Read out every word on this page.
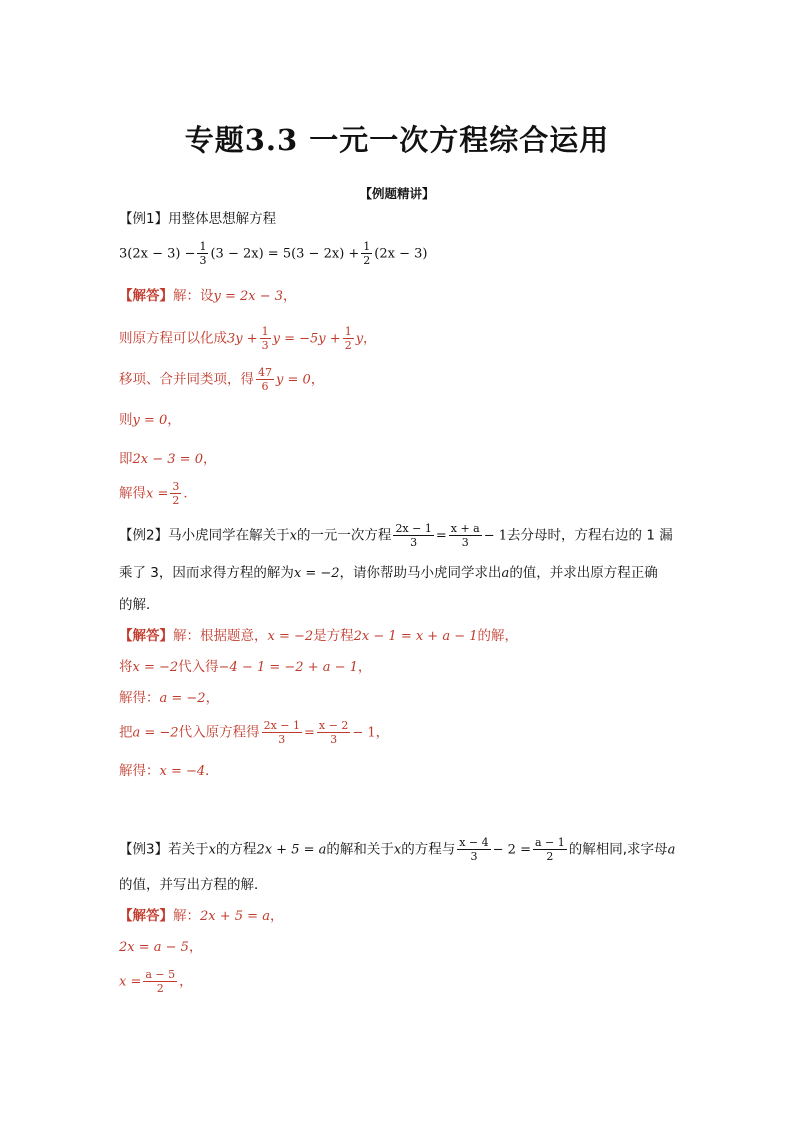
专题3.3 一元一次方程综合运用
【例题精讲】
【例1】用整体思想解方程
$3(2x - 3) - \frac{1}{3} (3 - 2x) = 5(3 - 2x) + \frac{1}{2} (2x - 3)$
【解答】解：设y = 2x − 3，
则原方程可以化成$3y + \frac{1}{3}$ $y = -5y + \frac{1}{2}$ y，
移项、合并同类项，得 $\frac{47}{6}$ y = 0，
则y = 0，
即2x − 3 = 0，
解得$x = \frac{3}{2}$ ．
【例2】马小虎同学在解关于x的一元一次方程 $\frac{2x - 1}{3} = \frac{x + a}{3} - 1$去分母时，方程右边的 1 漏
乘了 3，因而求得方程的解为x = −2，请你帮助马小虎同学求出a的值，并求出原方程正确
的解．
【解答】解：根据题意，x = −2是方程2x − 1 = x + a − 1的解，
将x = −2代入得−4 − 1 = −2 + a − 1，
解得：a = −2，
把a = −2代入原方程得 $\frac{2x - 1}{3} = \frac{x - 2}{3} - 1$，
解得：x = −4．
【例3】若关于x的方程2x + 5 = a的解和关于x的方程与 $\frac{x - 4}{3} - 2 = \frac{a - 1}{2}$ 的解相同,求字母a
的值，并写出方程的解．
【解答】解：2x + 5 = a，
2x = a − 5，
$x = \frac{a - 5}{2}$ ，
